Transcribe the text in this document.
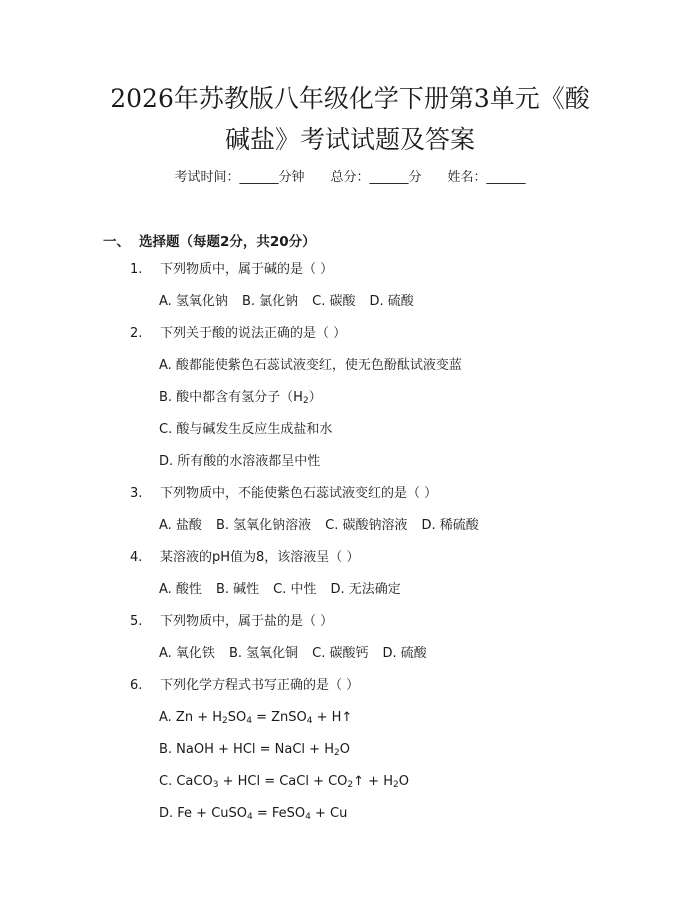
2026年苏教版八年级化学下册第3单元《酸
碱盐》考试试题及答案
考试时间：______分钟 总分：______分 姓名：______
一、 选择题（每题2分，共20分）
1. 下列物质中，属于碱的是（ ）
A. 氢氧化钠 B. 氯化钠 C. 碳酸 D. 硫酸
2. 下列关于酸的说法正确的是（ ）
A. 酸都能使紫色石蕊试液变红，使无色酚酞试液变蓝
B. 酸中都含有氢分子$(H_2)$
C. 酸与碱发生反应生成盐和水
D. 所有酸的水溶液都呈中性
3. 下列物质中，不能使紫色石蕊试液变红的是（ ）
A. 盐酸 B. 氢氧化钠溶液 C. 碳酸钠溶液 D. 稀硫酸
4. 某溶液的pH值为8，该溶液呈（ ）
A. 酸性 B. 碱性 C. 中性 D. 无法确定
5. 下列物质中，属于盐的是（ ）
A. 氧化铁 B. 氢氧化铜 C. 碳酸钙 D. 硫酸
6. 下列化学方程式书写正确的是（ ）
A. $Zn + H_2SO_4$ = ZnSO$_4$ + H↑
B. NaOH + HCl = NaCl + $H_2O$
C. CaCO$_3$ + HCl = CaCl + $CO_2↑ + H_2O$
D. Fe + CuSO$_4$ = FeSO$_4$ + Cu
